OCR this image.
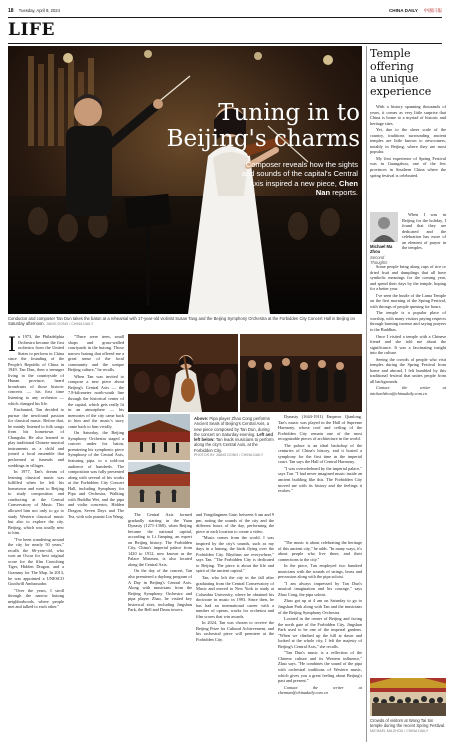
18 Tuesday, April 9, 2024	中國日報
CHINA DAILY
LIFE
Tuning in to
Beijing's charms
Composer reveals how the sights and sounds of the capital's Central Axis inspired a new piece, Chen Nan reports.
Conductor and composer Tan Dun takes the baton at a rehearsal with 17-year-old violinist Susan Tang and the Beijing Symphony Orchestra at the Forbidden City Concert Hall in Beijing on Saturday afternoon. JIANG DONG / CHINA DAILY
I n 1973, the Philadelphia Orchestra became the first orchestra from the United States to perform in China since the founding of the People's Republic of China in 1949. Tan Dun, then a teenager living in the countryside of Hunan province, heard broadcasts of those historic concerts — his first time listening to any orchestra — which changed his life.

Enchanted, Tan decided to pursue the newfound passion for classical music. Before that, he mainly listened to folk songs from his hometown of Changsha. He also learned to play traditional Chinese musical instruments as a child and joined a local ensemble that performed at funerals and weddings in villages.

In 1977, Tan's dream of learning classical music was fulfilled when he left his hometown and went to Beijing to study composition and conducting at the Central Conservatory of Music. This allowed him not only to go to study Western classical music but also to explore the city. Beijing, which was totally new to him.

"I've been wandering around the city for nearly 50 years," recalls the 66-year-old, who won an Oscar for best original score for the film Crouching Tiger, Hidden Dragon, and a Grammy for The Map. In 2013, he was appointed a UNESCO Goodwill Ambassador.

"Over the years, I stroll through the narrow hutong neighborhoods, where people met and talked to each other."

"There were trees, small shops and grass-walled courtyards in the hutong. Those narrow hutong that offered me a great sense of the local community and the unique Beijing culture," he recalls.

When Tan was invited to compose a new piece about Beijing's Central Axis — the 7.8-kilometer north-south line through the historical center of the capital, which gets really lit in an atmosphere — his memories of the city came back to him and the music's story came back to him vividly.

On Saturday, the Beijing Symphony Orchestra staged a concert under his baton, premiering his symphonic piece Symphony of the Central Axis, featuring pipa, to a sold-out audience of hundreds. The composition was fully presented along with several of his works at the Forbidden City Concert Hall, including Symphony for Pipa and Orchestra, Walking with Buddha Wei, and the pipa and violin concertos, Hidden Dragon, Seven Days and The Tea, with solo pianist Lin Wang.

Above: Pipa player Zhao Cong performs Ancient Seals of Beijing's Central Axis, a new piece composed by Tan Dun, during the concert on Saturday evening. Left and left below: Tan leads musicians to perform along the city's Central Axis, at the Forbidden City.
PHOTOS BY JIANG DONG / CHINA DAILY

Dynasty (1644-1911) Emperor Qianlong. Tan's music was played in the Hall of Supreme Harmony, whose roof and ceiling of the Forbidden City remain one of the most recognizable pieces of architecture in the world.

The palace is an ideal backdrop of the centuries of China's history, and it hosted a symphony for the first time in the imperial court. Tan says the Hall of Central Harmony.

"I was overwhelmed by the imperial palace," says Tan. "I had never imagined music inside an ancient building like this. The Forbidden City moved me with its history and the feelings it evokes."

The Central Axis formed gradually starting in the Yuan Dynasty (1271-1368), when Beijing became the national capital, according to Li Jianping, an expert on Beijing history. The Forbidden City, China's imperial palace from 1420 to 1912, now known as the Palace Museum, is also located along the Central Axis.

On the day of the concert, Tan also premiered a daylong program of A Day in Beijing's Central Axis. Along with musicians from the Beijing Symphony Orchestra and pipa player Zhao, he visited key historical sites, including Jingshan Park, the Bell and Drum towers.

and Yongdingmen Gate, between 6 am and 9 pm, noting the sounds of the city and the different hours of the day, performing the piece at each location to create a video.

"Music comes from the world. I was inspired by the city's sounds, such as my days in a hutong, the birds flying over the Forbidden City. Rhythms are everywhere," says Tan. "The Forbidden City is dedicated to Beijing. The piece is about the life and spirit of the ancient capital."

Tan, who left the city in the fall after graduating from the Central Conservatory of Music and moved to New York to study at Columbia University, where he obtained his doctorate in music in 1993. Since then, he has had an international career with a number of operas, works for orchestra and film scores that win awards.

In 2024, Tan was chosen to receive the Beijing Prize for Cultural Achievement, and his orchestral piece will premiere at the Forbidden City.

"The music is about celebrating the heritage of this ancient city," he adds. "In many ways, it's about people who live there, and their connections to the city."

In the piece, Tan employed two hundred musicians with the sounds of strings, brass and percussion along with the pipa soloist.

"I am always impressed by Tan Dun's musical imagination and his courage," says Zhao Cong, the pipa soloist.

Zhao got up at 4 am on Saturday to go to Jingshan Park along with Tan and the musicians of the Beijing Symphony Orchestra.

Located in the center of Beijing and facing the north gate of the Forbidden City, Jingshan Park used to be one of the imperial gardens. "When we climbed up the hill at dawn and looked at the whole city, I felt the majesty of Beijing's Central Axis," she recalls.

"Tan Dun's music is a reflection of the Chinese culture and its Western influence," Zhao says. "He combines the sound of the pipa with orchestral traditions of Western music, which gives you a great feeling about Beijing's past and present."

Contact the writer at chennan@chinadaily.com.cn

Temple
offering
a unique
experience

With a history spanning thousands of years, it comes as very little surprise that China is home to a myriad of historic and heritage sites.

Yet, due to the sheer scale of the country, traditions surrounding ancient temples are little known to newcomers, notably in Beijing, where they are most popular.

My first experience of Spring Festival was in Guangzhou, one of the few provinces in Southern China where the spring festival is celebrated.

Michael Ma Zhou
Second Thoughts

When I was in Beijing for the holiday, I found that they are dedicated and the celebration has more of an element of prayer in the temples.

Some people bring along cups of rice or dried fruit and dumplings that all have symbolic meanings for the coming year, and spend their days by the temple, hoping for a better year.

I've seen the bustle of the Lama Temple on the first morning of the Spring Festival, with throngs of people queuing for hours.

The temple is a popular place of worship, with many visitors paying respects through burning incense and saying prayers to the Buddhas.

Once I visited a temple with a Chinese friend and she told me about the significance. It was a fascinating insight into the culture.

Seeing the crowds of people who visit temples during the Spring Festival from home and abroad, I felt humbled by this traditional festival that unites people from all backgrounds.

Contact the writer at michaelzhou@chinadaily.com.cn

Crowds of visitors at Wong Tai Sin temple during the recent Spring Festival.
MICHAEL MA ZHOU / CHINA DAILY
